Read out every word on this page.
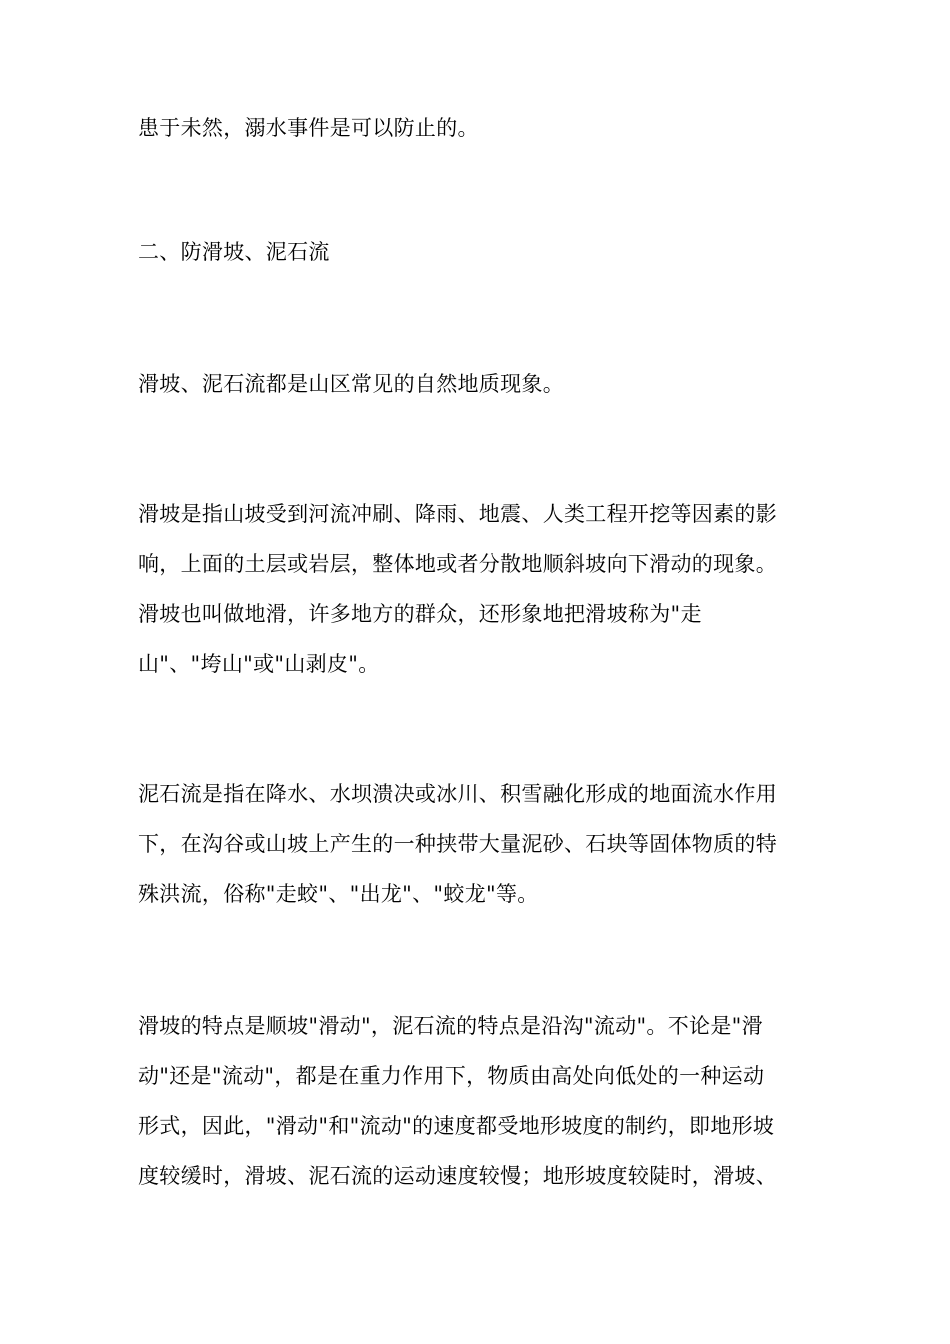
患于未然，溺水事件是可以防止的。
二、防滑坡、泥石流
滑坡、泥石流都是山区常见的自然地质现象。
滑坡是指山坡受到河流冲刷、降雨、地震、人类工程开挖等因素的影
响，上面的土层或岩层，整体地或者分散地顺斜坡向下滑动的现象。
滑坡也叫做地滑，许多地方的群众，还形象地把滑坡称为"走
山"、"垮山"或"山剥皮"。
泥石流是指在降水、水坝溃决或冰川、积雪融化形成的地面流水作用
下，在沟谷或山坡上产生的一种挟带大量泥砂、石块等固体物质的特
殊洪流，俗称"走蛟"、"出龙"、"蛟龙"等。
滑坡的特点是顺坡"滑动"，泥石流的特点是沿沟"流动"。不论是"滑
动"还是"流动"，都是在重力作用下，物质由高处向低处的一种运动
形式，因此，"滑动"和"流动"的速度都受地形坡度的制约，即地形坡
度较缓时，滑坡、泥石流的运动速度较慢；地形坡度较陡时，滑坡、
